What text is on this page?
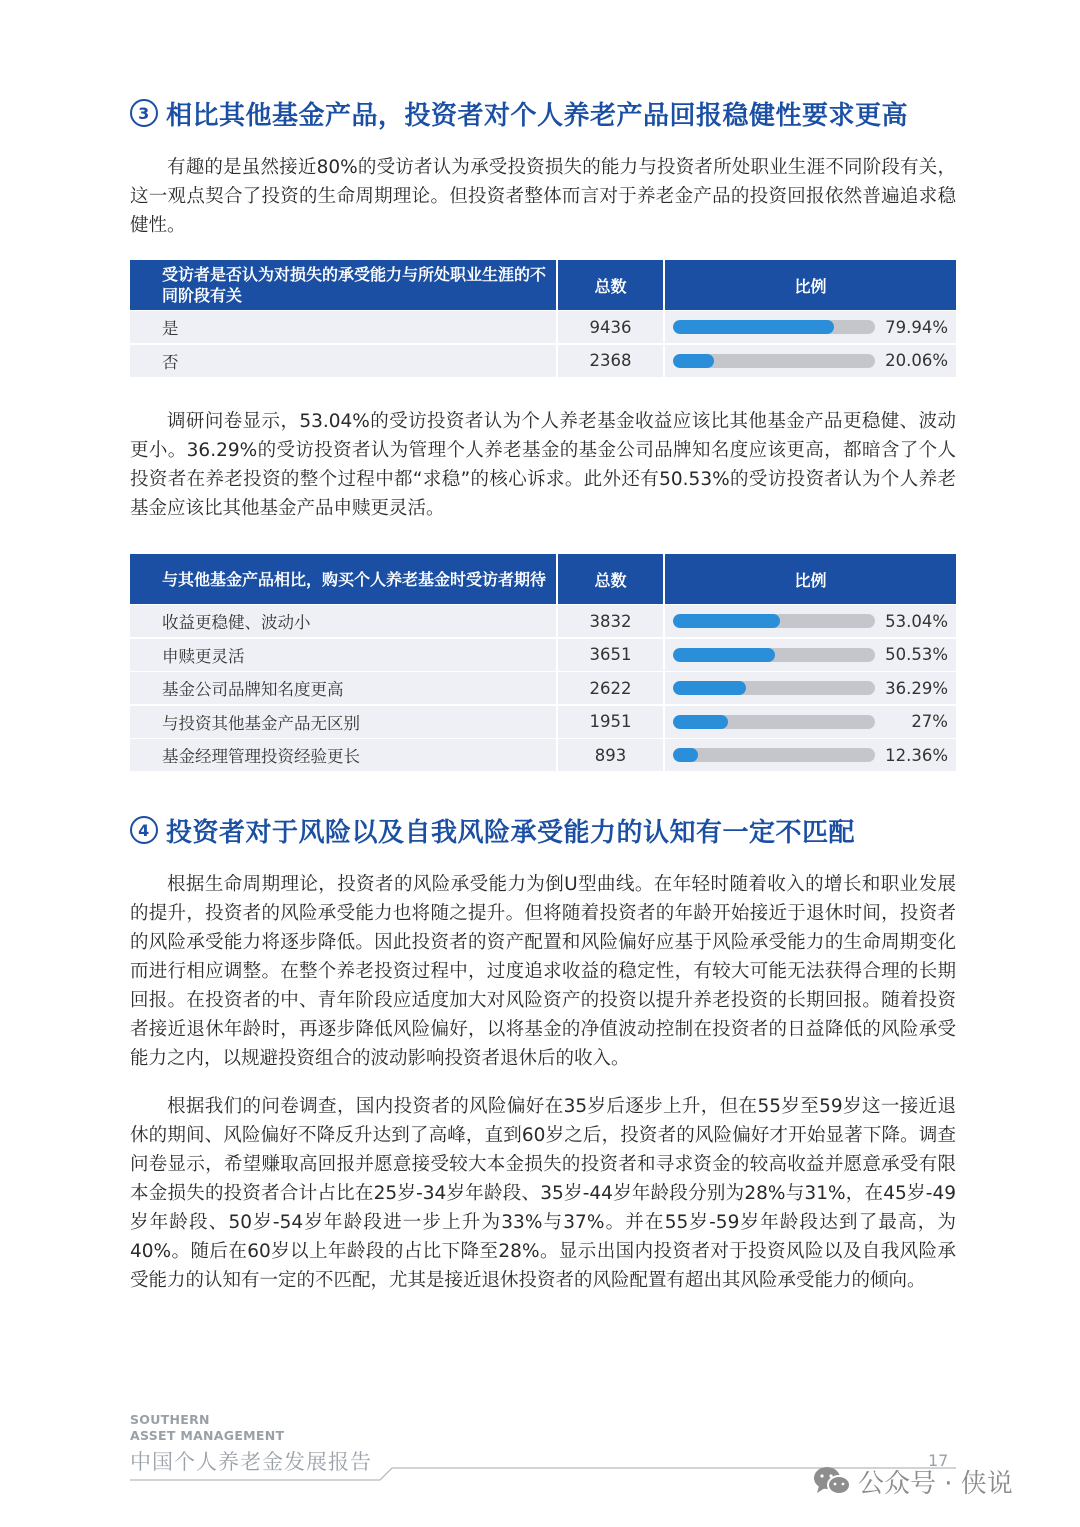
3 相比其他基金产品，投资者对个人养老产品回报稳健性要求更高

有趣的是虽然接近80%的受访者认为承受投资损失的能力与投资者所处职业生涯不同阶段有关，这一观点契合了投资的生命周期理论。但投资者整体而言对于养老金产品的投资回报依然普遍追求稳健性。

受访者是否认为对损失的承受能力与所处职业生涯的不同阶段有关	总数	比例
是	9436	79.94%
否	2368	20.06%

调研问卷显示，53.04%的受访投资者认为个人养老基金收益应该比其他基金产品更稳健、波动更小。36.29%的受访投资者认为管理个人养老基金的基金公司品牌知名度应该更高，都暗含了个人投资者在养老投资的整个过程中都“求稳”的核心诉求。此外还有50.53%的受访投资者认为个人养老基金应该比其他基金产品申赎更灵活。

与其他基金产品相比，购买个人养老基金时受访者期待	总数	比例
收益更稳健、波动小	3832	53.04%
申赎更灵活	3651	50.53%
基金公司品牌知名度更高	2622	36.29%
与投资其他基金产品无区别	1951	27%
基金经理管理投资经验更长	893	12.36%
4 投资者对于风险以及自我风险承受能力的认知有一定不匹配

根据生命周期理论，投资者的风险承受能力为倒U型曲线。在年轻时随着收入的增长和职业发展的提升，投资者的风险承受能力也将随之提升。但将随着投资者的年龄开始接近于退休时间，投资者的风险承受能力将逐步降低。因此投资者的资产配置和风险偏好应基于风险承受能力的生命周期变化而进行相应调整。在整个养老投资过程中，过度追求收益的稳定性，有较大可能无法获得合理的长期回报。在投资者的中、青年阶段应适度加大对风险资产的投资以提升养老投资的长期回报。随着投资者接近退休年龄时，再逐步降低风险偏好，以将基金的净值波动控制在投资者的日益降低的风险承受能力之内，以规避投资组合的波动影响投资者退休后的收入。

根据我们的问卷调查，国内投资者的风险偏好在35岁后逐步上升，但在55岁至59岁这一接近退休的期间、风险偏好不降反升达到了高峰，直到60岁之后，投资者的风险偏好才开始显著下降。调查问卷显示，希望赚取高回报并愿意接受较大本金损失的投资者和寻求资金的较高收益并愿意承受有限本金损失的投资者合计占比在25岁-34岁年龄段、35岁-44岁年龄段分别为28%与31%，在45岁-49岁年龄段、50岁-54岁年龄段进一步上升为33%与37%。并在55岁-59岁年龄段达到了最高，为40%。随后在60岁以上年龄段的占比下降至28%。显示出国内投资者对于投资风险以及自我风险承受能力的认知有一定的不匹配，尤其是接近退休投资者的风险配置有超出其风险承受能力的倾向。

SOUTHERN
ASSET MANAGEMENT
中国个人养老金发展报告	17
公众号 · 侠说
